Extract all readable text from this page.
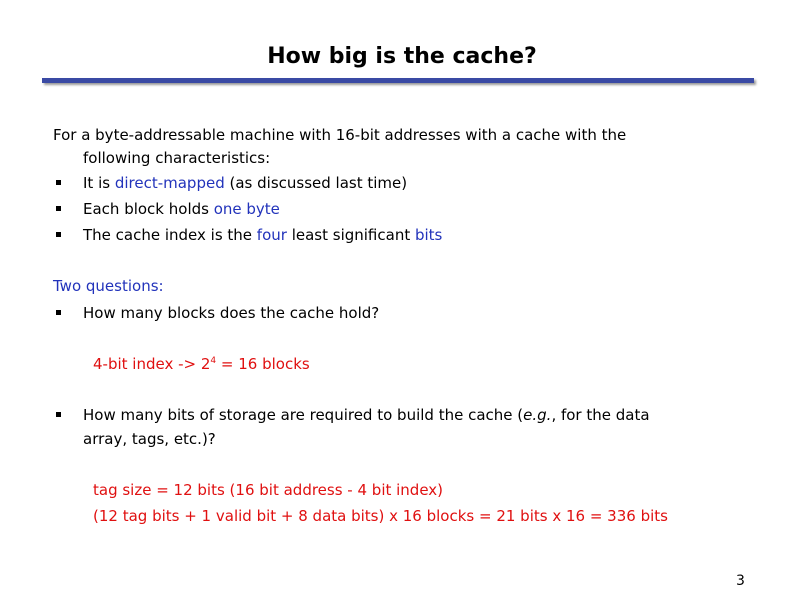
How big is the cache?
For a byte-addressable machine with 16-bit addresses with a cache with the
following characteristics:
It is direct-mapped (as discussed last time)
Each block holds one byte
The cache index is the four least significant bits
Two questions:
How many blocks does the cache hold?
4-bit index -> $2^4 = 16$ blocks
How many bits of storage are required to build the cache (e.g., for the data
array, tags, etc.)?
tag size = 12 bits (16 bit address - 4 bit index)
(12 tag bits + 1 valid bit + 8 data bits) x 16 blocks = 21 bits x 16 = 336 bits
3
